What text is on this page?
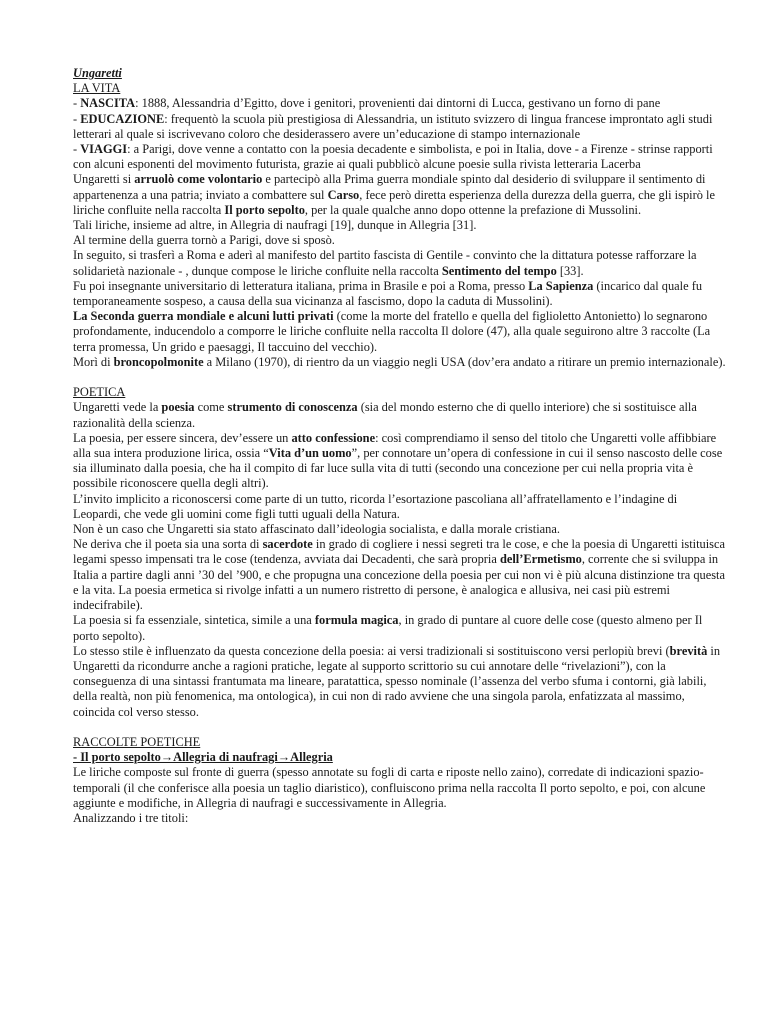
Ungaretti

LA VITA

- NASCITA: 1888, Alessandria d’Egitto, dove i genitori, provenienti dai dintorni di Lucca, gestivano un forno di pane

- EDUCAZIONE: frequentò la scuola più prestigiosa di Alessandria, un istituto svizzero di lingua francese improntato agli studi letterari al quale si iscrivevano coloro che desiderassero avere un’educazione di stampo internazionale

- VIAGGI: a Parigi, dove venne a contatto con la poesia decadente e simbolista, e poi in Italia, dove - a Firenze - strinse rapporti con alcuni esponenti del movimento futurista, grazie ai quali pubblicò alcune poesie sulla rivista letteraria Lacerba

Ungaretti si arruolò come volontario e partecipò alla Prima guerra mondiale spinto dal desiderio di sviluppare il sentimento di appartenenza a una patria; inviato a combattere sul Carso, fece però diretta esperienza della durezza della guerra, che gli ispirò le liriche confluite nella raccolta Il porto sepolto, per la quale qualche anno dopo ottenne la prefazione di Mussolini.

Tali liriche, insieme ad altre, in Allegria di naufragi [19], dunque in Allegria [31].

Al termine della guerra tornò a Parigi, dove si sposò.

In seguito, si trasferì a Roma e aderì al manifesto del partito fascista di Gentile - convinto che la dittatura potesse rafforzare la solidarietà nazionale - , dunque compose le liriche confluite nella raccolta Sentimento del tempo [33].

Fu poi insegnante universitario di letteratura italiana, prima in Brasile e poi a Roma, presso La Sapienza (incarico dal quale fu temporaneamente sospeso, a causa della sua vicinanza al fascismo, dopo la caduta di Mussolini).

La Seconda guerra mondiale e alcuni lutti privati (come la morte del fratello e quella del figlioletto Antonietto) lo segnarono profondamente, inducendolo a comporre le liriche confluite nella raccolta Il dolore (47), alla quale seguirono altre 3 raccolte (La terra promessa, Un grido e paesaggi, Il taccuino del vecchio).

Morì di broncopolmonite a Milano (1970), di rientro da un viaggio negli USA (dov’era andato a ritirare un premio internazionale).

POETICA

Ungaretti vede la poesia come strumento di conoscenza (sia del mondo esterno che di quello interiore) che si sostituisce alla razionalità della scienza.

La poesia, per essere sincera, dev’essere un atto confessione: così comprendiamo il senso del titolo che Ungaretti volle affibbiare alla sua intera produzione lirica, ossia “Vita d’un uomo”, per connotare un’opera di confessione in cui il senso nascosto delle cose sia illuminato dalla poesia, che ha il compito di far luce sulla vita di tutti (secondo una concezione per cui nella propria vita è possibile riconoscere quella degli altri).

L’invito implicito a riconoscersi come parte di un tutto, ricorda l’esortazione pascoliana all’affratellamento e l’indagine di Leopardi, che vede gli uomini come figli tutti uguali della Natura.

Non è un caso che Ungaretti sia stato affascinato dall’ideologia socialista, e dalla morale cristiana.

Ne deriva che il poeta sia una sorta di sacerdote in grado di cogliere i nessi segreti tra le cose, e che la poesia di Ungaretti istituisca legami spesso impensati tra le cose (tendenza, avviata dai Decadenti, che sarà propria dell’Ermetismo, corrente che si sviluppa in Italia a partire dagli anni ’30 del ’900, e che propugna una concezione della poesia per cui non vi è più alcuna distinzione tra questa e la vita. La poesia ermetica si rivolge infatti a un numero ristretto di persone, è analogica e allusiva, nei casi più estremi indecifrabile).

La poesia si fa essenziale, sintetica, simile a una formula magica, in grado di puntare al cuore delle cose (questo almeno per Il porto sepolto).

Lo stesso stile è influenzato da questa concezione della poesia: ai versi tradizionali si sostituiscono versi perlopiù brevi (brevità in Ungaretti da ricondurre anche a ragioni pratiche, legate al supporto scrittorio su cui annotare delle “rivelazioni”), con la conseguenza di una sintassi frantumata ma lineare, paratattica, spesso nominale (l’assenza del verbo sfuma i contorni, già labili, della realtà, non più fenomenica, ma ontologica), in cui non di rado avviene che una singola parola, enfatizzata al massimo, coincida col verso stesso.

RACCOLTE POETICHE

- Il porto sepolto→Allegria di naufragi→Allegria

Le liriche composte sul fronte di guerra (spesso annotate su fogli di carta e riposte nello zaino), corredate di indicazioni spazio-temporali (il che conferisce alla poesia un taglio diaristico), confluiscono prima nella raccolta Il porto sepolto, e poi, con alcune aggiunte e modifiche, in Allegria di naufragi e successivamente in Allegria.

Analizzando i tre titoli:
